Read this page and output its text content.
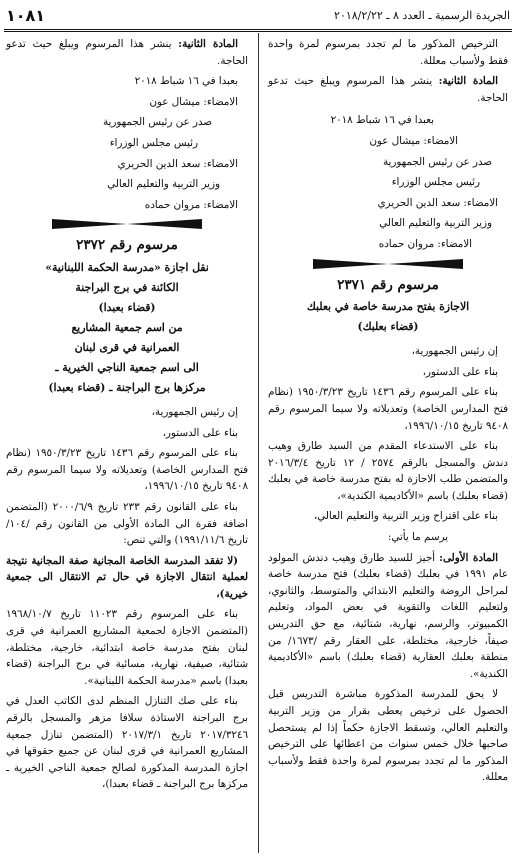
الجريدة الرسمية ـ العدد ٨ ـ ٢٠١٨/٢/٢٢
١٠٨١

الترخيص المذكور ما لم تجدد بمرسوم لمرة واحدة فقط ولأسباب معللة.

المادة الثانية: ينشر هذا المرسوم ويبلغ حيث تدعو الحاجة.

بعبدا في ١٦ شباط ٢٠١٨

الامضاء: ميشال عون

صدر عن رئيس الجمهورية

رئيس مجلس الوزراء

الامضاء: سعد الدين الحريري

وزير التربية والتعليم العالي

الامضاء: مروان حماده

مرسوم رقم ٢٣٧١
الاجازة بفتح مدرسة خاصة في بعلبك
(قضاء بعلبك)

إن رئيس الجمهورية،

بناء على الدستور،

بناء على المرسوم رقم ١٤٣٦ تاريخ ١٩٥٠/٣/٢٣ (نظام فتح المدارس الخاصة) وتعديلاته ولا سيما المرسوم رقم ٩٤٠٨ تاريخ ١٩٩٦/١٠/١٥،

بناء على الاستدعاء المقدم من السيد طارق وهيب دندش والمسجل بالرقم ٢٥٧٤ / ١٢ تاريخ ٢٠١٦/٣/٤ والمتضمن طلب الاجازة له بفتح مدرسة خاصة في بعلبك (قضاء بعلبك) باسم «الأكاديمية الكندية»،

بناء على اقتراح وزير التربية والتعليم العالي،

يرسم ما يأتي:

المادة الأولى: أجيز للسيد طارق وهيب دندش المولود عام ١٩٩١ في بعلبك (قضاء بعلبك) فتح مدرسة خاصة لمراحل الروضة والتعليم الابتدائي والمتوسط، والثانوي، ولتعليم اللغات والتقوية في بعض المواد، وتعليم الكمبيوتر، والرسم، نهارية، شتائية، مع حق التدريس صيفاً، خارجية، مختلطة، على العقار رقم /١٦٧٣/ من منطقة بعلبك العقارية (قضاء بعلبك) باسم «الأكاديمية الكندية».

لا يحق للمدرسة المذكورة مباشرة التدريس قبل الحصول على ترخيص يعطى بقرار من وزير التربية والتعليم العالي، وتسقط الاجازة حكماً إذا لم يستحصل صاحبها خلال خمس سنوات من اعطائها على الترخيص المذكور ما لم تجدد بمرسوم لمرة واحدة فقط ولأسباب معللة.

المادة الثانية: ينشر هذا المرسوم ويبلغ حيث تدعو الحاجة.

بعبدا في ١٦ شباط ٢٠١٨

الامضاء: ميشال عون

صدر عن رئيس الجمهورية

رئيس مجلس الوزراء

الامضاء: سعد الدين الحريري

وزير التربية والتعليم العالي

الامضاء: مروان حماده

مرسوم رقم ٢٣٧٢
نقل اجازة «مدرسة الحكمة اللبنانية»
الكائنة في برج البراجنة
(قضاء بعبدا)
من اسم جمعية المشاريع
العمرانية في قرى لبنان
الى اسم جمعية الناجي الخيرية ـ
مركزها برج البراجنة ـ (قضاء بعبدا)

إن رئيس الجمهورية،

بناء على الدستور،

بناء على المرسوم رقم ١٤٣٦ تاريخ ١٩٥٠/٣/٢٣ (نظام فتح المدارس الخاصة) وتعديلاته ولا سيما المرسوم رقم ٩٤٠٨ تاريخ ١٩٩٦/١٠/١٥،

بناء على القانون رقم ٢٣٣ تاريخ ٢٠٠٠/٦/٩ (المتضمن اضافة فقرة الى المادة الأولى من القانون رقم /١٠٤/ تاريخ ١٩٩١/١١/٦) والتي تنص:

(لا تفقد المدرسة الخاصة المجانية صفة المجانية نتيجة لعملية انتقال الاجازة في حال تم الانتقال الى جمعية خيرية)،

بناء على المرسوم رقم ١١٠٢٣ تاريخ ١٩٦٨/١٠/٧ (المتضمن الاجازة لجمعية المشاريع العمرانية في قرى لبنان بفتح مدرسة خاصة ابتدائية، خارجية، مختلطة، شتائية، صيفية، نهارية، مسائية في برج البراجنة (قضاء بعبدا) باسم «مدرسة الحكمة اللبنانية».

بناء على صك التنازل المنظم لدى الكاتب العدل في برج البراجنة الاستاذة سلافا مزهر والمسجل بالرقم ٢٠١٧/٣٢٤٦ تاريخ ٢٠١٧/٣/١ (المتضمن تنازل جمعية المشاريع العمرانية في قرى لبنان عن جميع حقوقها في اجازة المدرسة المذكورة لصالح جمعية الناجي الخيرية ـ مركزها برج البراجنة ـ قضاء بعبدا)،
